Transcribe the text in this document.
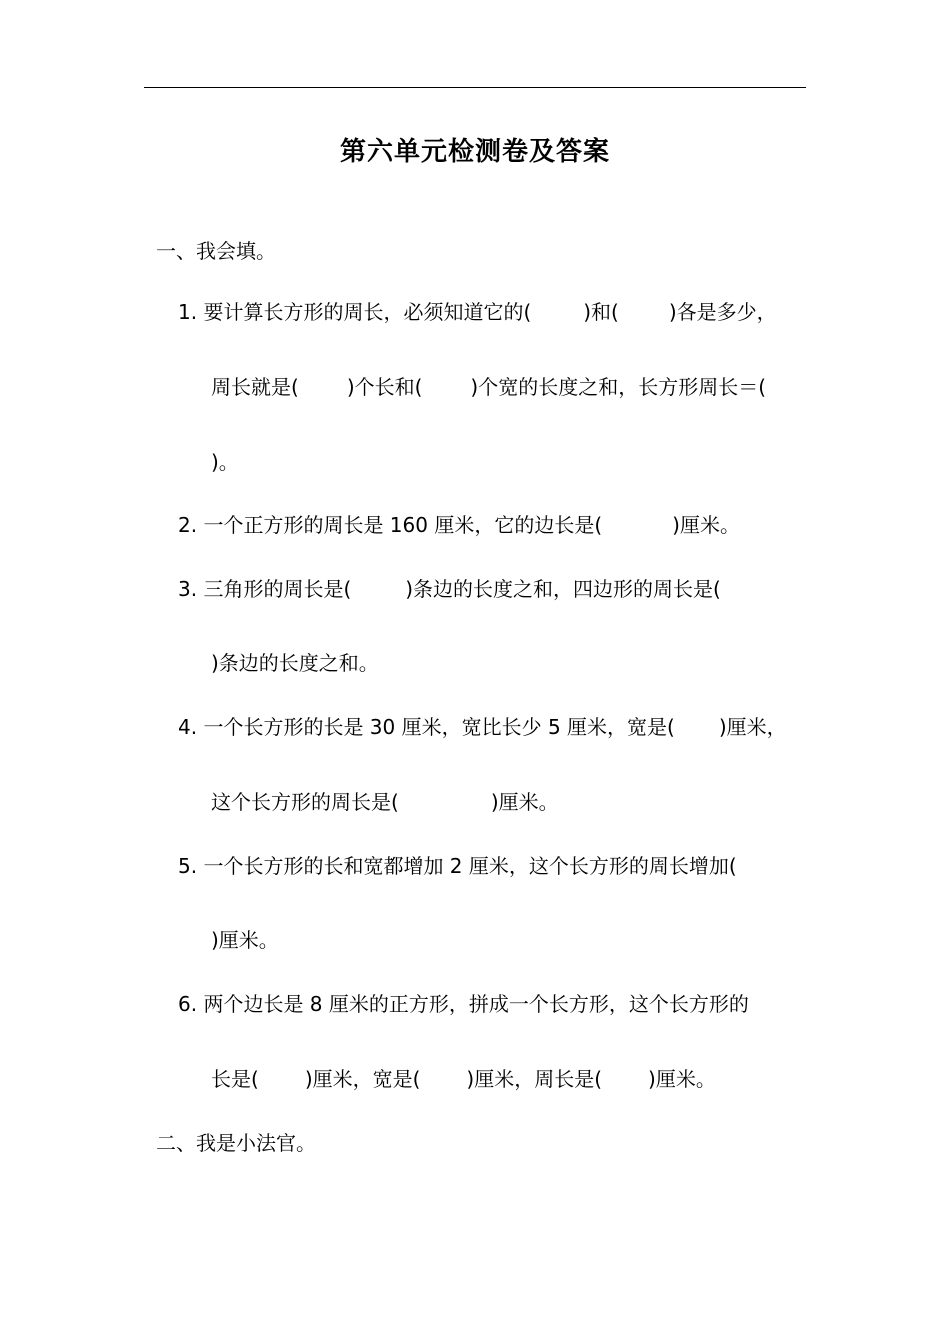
第六单元检测卷及答案
一、我会填。
1. 要计算长方形的周长，必须知道它的(	)和(	)各是多少，
周长就是( )个长和( )个宽的长度之和，长方形周长＝(
)。
2. 一个正方形的周长是 160 厘米，它的边长是(	)厘米。
3. 三角形的周长是(	)条边的长度之和，四边形的周长是(
)条边的长度之和。
4. 一个长方形的长是 30 厘米，宽比长少 5 厘米，宽是( )厘米，
这个长方形的周长是(	)厘米。
5. 一个长方形的长和宽都增加 2 厘米，这个长方形的周长增加(
)厘米。
6. 两个边长是 8 厘米的正方形，拼成一个长方形，这个长方形的
长是( )厘米，宽是( )厘米，周长是( )厘米。
二、我是小法官。
